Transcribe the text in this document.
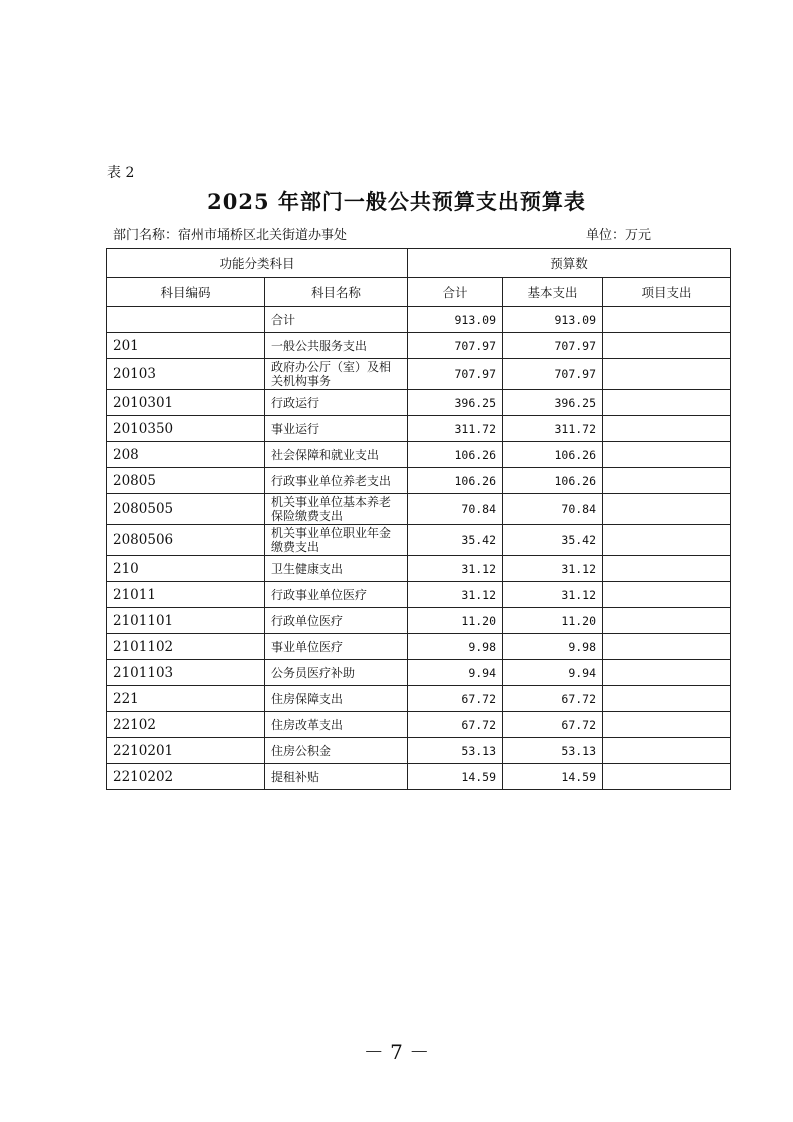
表 2
2025 年部门一般公共预算支出预算表
部门名称：宿州市埇桥区北关街道办事处	单位：万元
功能分类科目		预算数		
科目编码	科目名称	合计	基本支出	项目支出
	合计	913.09	913.09	
201	一般公共服务支出	707.97	707.97	
20103	政府办公厅（室）及相关机构事务	707.97	707.97	
2010301	行政运行	396.25	396.25	
2010350	事业运行	311.72	311.72	
208	社会保障和就业支出	106.26	106.26	
20805	行政事业单位养老支出	106.26	106.26	
2080505	机关事业单位基本养老保险缴费支出	70.84	70.84	
2080506	机关事业单位职业年金缴费支出	35.42	35.42	
210	卫生健康支出	31.12	31.12	
21011	行政事业单位医疗	31.12	31.12	
2101101	行政单位医疗	11.20	11.20	
2101102	事业单位医疗	9.98	9.98	
2101103	公务员医疗补助	9.94	9.94	
221	住房保障支出	67.72	67.72	
22102	住房改革支出	67.72	67.72	
2210201	住房公积金	53.13	53.13	
2210202	提租补贴	14.59	14.59	
－ 7 －
